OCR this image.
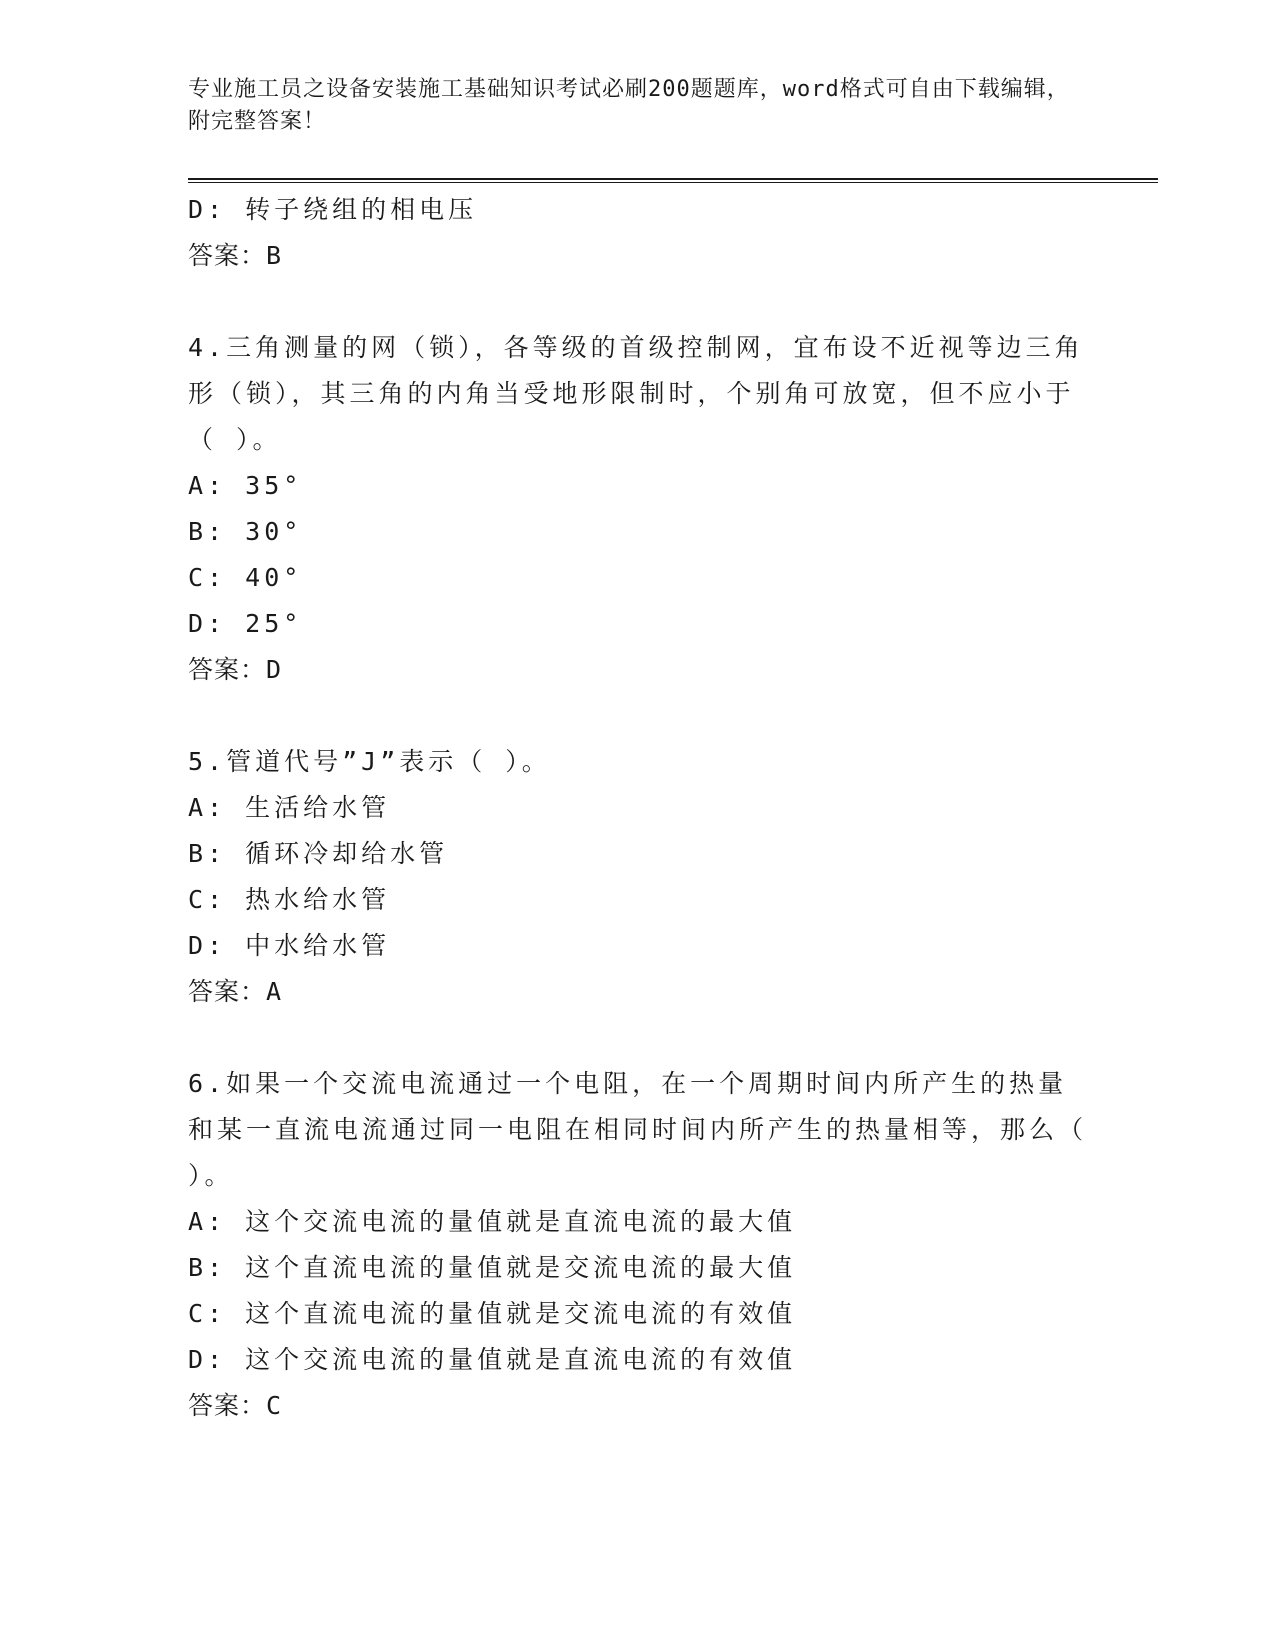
专业施工员之设备安装施工基础知识考试必刷200题题库，word格式可自由下载编辑，附完整答案！
D: 转子绕组的相电压
答案：B
4.三角测量的网（锁），各等级的首级控制网，宜布设不近视等边三角形（锁），其三角的内角当受地形限制时，个别角可放宽，但不应小于（ ）。
A: 35°
B: 30°
C: 40°
D: 25°
答案：D
5.管道代号”J”表示（ ）。
A: 生活给水管
B: 循环冷却给水管
C: 热水给水管
D: 中水给水管
答案：A
6.如果一个交流电流通过一个电阻，在一个周期时间内所产生的热量和某一直流电流通过同一电阻在相同时间内所产生的热量相等，那么（ ）。
A: 这个交流电流的量值就是直流电流的最大值
B: 这个直流电流的量值就是交流电流的最大值
C: 这个直流电流的量值就是交流电流的有效值
D: 这个交流电流的量值就是直流电流的有效值
答案：C
